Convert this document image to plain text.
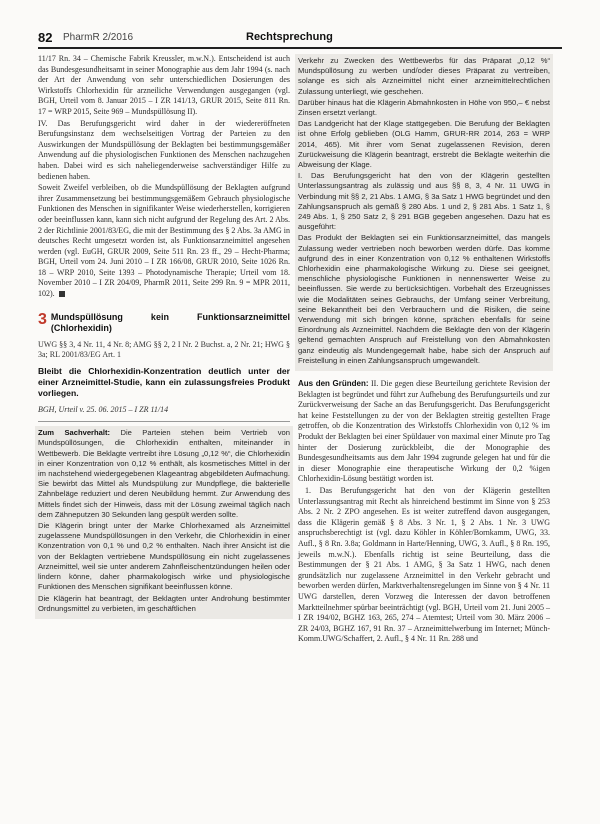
82 PharmR 2/2016	Rechtsprechung

11/17 Rn. 34 – Chemische Fabrik Kreussler, m.w.N.). Entscheidend ist auch das Bundesgesundheitsamt in seiner Monographie aus dem Jahr 1994 (s. nach der Art der Anwendung von sehr unterschiedlichen Dosierungen des Wirkstoffs Chlorhexidin für arzneiliche Verwendungen ausgegangen (vgl. BGH, Urteil vom 8. Januar 2015 – I ZR 141/13, GRUR 2015, Seite 811 Rn. 17 = WRP 2015, Seite 969 – Mundspüllösung II).

IV. Das Berufungsgericht wird daher in der wiedereröffneten Berufungsinstanz dem wechselseitigen Vortrag der Parteien zu den Auswirkungen der Mundspüllösung der Beklagten bei bestimmungsgemäßer Anwendung auf die physiologischen Funktionen des Menschen nachzugehen haben. Dabei wird es sich naheliegenderweise sachverständiger Hilfe zu bedienen haben.

Soweit Zweifel verbleiben, ob die Mundspüllösung der Beklagten aufgrund ihrer Zusammensetzung bei bestimmungsgemäßem Gebrauch physiologische Funktionen des Menschen in signifikanter Weise wiederherstellen, korrigieren oder beeinflussen kann, kann sich nicht aufgrund der Regelung des Art. 2 Abs. 2 der Richtlinie 2001/83/EG, die mit der Bestimmung des § 2 Abs. 3a AMG in deutsches Recht umgesetzt worden ist, als Funktionsarzneimittel angesehen werden (vgl. EuGH, GRUR 2009, Seite 511 Rn. 23 ff., 29 – Hecht-Pharma; BGH, Urteil vom 24. Juni 2010 – I ZR 166/08, GRUR 2010, Seite 1026 Rn. 18 – WRP 2010, Seite 1393 – Photodynamische Therapie; Urteil vom 18. November 2010 – I ZR 204/09, PharmR 2011, Seite 299 Rn. 9 = MPR 2011, 102).

3 Mundspüllösung kein Funktionsarzneimittel (Chlorhexidin)
UWG §§ 3, 4 Nr. 11, 4 Nr. 8; AMG §§ 2, 2 I Nr. 2 Buchst. a, 2 Nr. 21; HWG § 3a; RL 2001/83/EG Art. 1
Bleibt die Chlorhexidin-Konzentration deutlich unter der einer Arzneimittel-Studie, kann ein zulassungsfreies Produkt vorliegen.
BGH, Urteil v. 25. 06. 2015 – I ZR 11/14

Zum Sachverhalt: Die Parteien stehen beim Vertrieb von Mundspüllösungen, die Chlorhexidin enthalten, miteinander in Wettbewerb. Die Beklagte vertreibt ihre Lösung „0,12 %“, die Chlorhexidin in einer Konzentration von 0,12 % enthält, als kosmetisches Mittel in der im nachstehend wiedergegebenen Klageantrag abgebildeten Aufmachung. Sie bewirbt das Mittel als Mundspülung zur Mundpflege, die bakterielle Zahnbeläge reduziert und deren Neubildung hemmt. Zur Anwendung des Mittels findet sich der Hinweis, dass mit der Lösung zweimal täglich nach dem Zähneputzen 30 Sekunden lang gespült werden sollte.

Die Klägerin bringt unter der Marke Chlorhexamed als Arzneimittel zugelassene Mundspüllösungen in den Verkehr, die Chlorhexidin in einer Konzentration von 0,1 % und 0,2 % enthalten. Nach ihrer Ansicht ist die von der Beklagten vertriebene Mundspüllösung ein nicht zugelassenes Arzneimittel, weil sie unter anderem Zahnfleischentzündungen heilen oder lindern könne, daher pharmakologisch wirke und physiologische Funktionen des Menschen signifikant beeinflussen könne.

Die Klägerin hat beantragt, der Beklagten unter Androhung bestimmter Ordnungsmittel zu verbieten, im geschäftlichen

Verkehr zu Zwecken des Wettbewerbs für das Präparat „0,12 %“ Mundspüllösung zu werben und/oder dieses Präparat zu vertreiben, solange es sich als Arzneimittel nicht einer arzneimittelrechtlichen Zulassung unterliegt, wie geschehen.

Darüber hinaus hat die Klägerin Abmahnkosten in Höhe von 950,– € nebst Zinsen ersetzt verlangt.

Das Landgericht hat der Klage stattgegeben. Die Berufung der Beklagten ist ohne Erfolg geblieben (OLG Hamm, GRUR-RR 2014, 263 = WRP 2014, 465). Mit ihrer vom Senat zugelassenen Revision, deren Zurückweisung die Klägerin beantragt, erstrebt die Beklagte weiterhin die Abweisung der Klage.

I. Das Berufungsgericht hat den von der Klägerin gestellten Unterlassungsantrag als zulässig und aus §§ 8, 3, 4 Nr. 11 UWG in Verbindung mit §§ 2, 21 Abs. 1 AMG, § 3a Satz 1 HWG begründet und den Zahlungsanspruch als gemäß § 280 Abs. 1 und 2, § 281 Abs. 1 Satz 1, § 249 Abs. 1, § 250 Satz 2, § 291 BGB gegeben angesehen. Dazu hat es ausgeführt:

Das Produkt der Beklagten sei ein Funktionsarzneimittel, das mangels Zulassung weder vertrieben noch beworben werden dürfe. Das komme aufgrund des in einer Konzentration von 0,12 % enthaltenen Wirkstoffs Chlorhexidin eine pharmakologische Wirkung zu. Diese sei geeignet, menschliche physiologische Funktionen in nennenswerter Weise zu beeinflussen. Sie werde zu berücksichtigen. Vorbehalt des Erzeugnisses wie die Modalitäten seines Gebrauchs, der Umfang seiner Verbreitung, seine Bekanntheit bei den Verbrauchern und die Risiken, die seine Verwendung mit sich bringen könne, sprächen ebenfalls für seine Einordnung als Arzneimittel. Nachdem die Beklagte den von der Klägerin geltend gemachten Anspruch auf Freistellung von den Abmahnkosten ganz eindeutig als Mundengegemalt habe, habe sich der Anspruch auf Freistellung in einen Zahlungsanspruch umgewandelt.

Aus den Gründen: II. Die gegen diese Beurteilung gerichtete Revision der Beklagten ist begründet und führt zur Aufhebung des Berufungsurteils und zur Zurückverweisung der Sache an das Berufungsgericht. Das Berufungsgericht hat keine Feststellungen zu der von der Beklagten streitig gestellten Frage getroffen, ob die Konzentration des Wirkstoffs Chlorhexidin von 0,12 % im Produkt der Beklagten bei einer Spüldauer von maximal einer Minute pro Tag hinter der Dosierung zurückbleibt, die der Monographie des Bundesgesundheitsamts aus dem Jahr 1994 zugrunde gelegen hat und für die in dieser Monographie eine therapeutische Wirkung der 0,2 %igen Chlorhexidin-Lösung bestätigt worden ist.

1. Das Berufungsgericht hat den von der Klägerin gestellten Unterlassungsantrag mit Recht als hinreichend bestimmt im Sinne von § 253 Abs. 2 Nr. 2 ZPO angesehen. Es ist weiter zutreffend davon ausgegangen, dass die Klägerin gemäß § 8 Abs. 3 Nr. 1, § 2 Abs. 1 Nr. 3 UWG anspruchsberechtigt ist (vgl. dazu Köhler in Köhler/Bornkamm, UWG, 33. Aufl., § 8 Rn. 3.8a; Goldmann in Harte/Henning, UWG, 3. Aufl., § 8 Rn. 195, jeweils m.w.N.). Ebenfalls richtig ist seine Beurteilung, dass die Bestimmungen der § 21 Abs. 1 AMG, § 3a Satz 1 HWG, nach denen grundsätzlich nur zugelassene Arzneimittel in den Verkehr gebracht und beworben werden dürfen, Marktverhaltensregelungen im Sinne von § 4 Nr. 11 UWG darstellen, deren Vorzweg die Interessen der davon betroffenen Marktteilnehmer spürbar beeinträchtigt (vgl. BGH, Urteil vom 21. Juni 2005 – I ZR 194/02, BGHZ 163, 265, 274 – Atemtest; Urteil vom 30. März 2006 – ZR 24/03, BGHZ 167, 91 Rn. 37 – Arzneimittelwerbung im Internet; Münch-Komm.UWG/Schaffert, 2. Aufl., § 4 Nr. 11 Rn. 288 und
